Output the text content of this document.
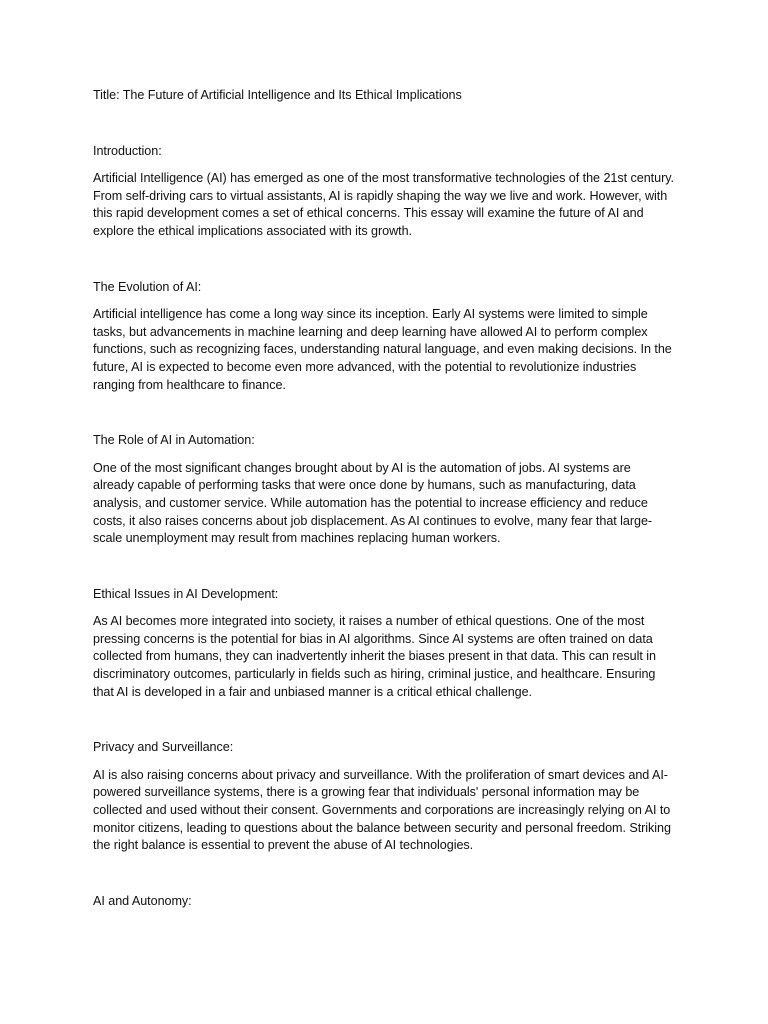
Title: The Future of Artificial Intelligence and Its Ethical Implications
Introduction:

Artificial Intelligence (AI) has emerged as one of the most transformative technologies of the 21st century. From self-driving cars to virtual assistants, AI is rapidly shaping the way we live and work. However, with this rapid development comes a set of ethical concerns. This essay will examine the future of AI and explore the ethical implications associated with its growth.

The Evolution of AI:

Artificial intelligence has come a long way since its inception. Early AI systems were limited to simple tasks, but advancements in machine learning and deep learning have allowed AI to perform complex functions, such as recognizing faces, understanding natural language, and even making decisions. In the future, AI is expected to become even more advanced, with the potential to revolutionize industries ranging from healthcare to finance.

The Role of AI in Automation:

One of the most significant changes brought about by AI is the automation of jobs. AI systems are already capable of performing tasks that were once done by humans, such as manufacturing, data analysis, and customer service. While automation has the potential to increase efficiency and reduce costs, it also raises concerns about job displacement. As AI continues to evolve, many fear that large-scale unemployment may result from machines replacing human workers.

Ethical Issues in AI Development:

As AI becomes more integrated into society, it raises a number of ethical questions. One of the most pressing concerns is the potential for bias in AI algorithms. Since AI systems are often trained on data collected from humans, they can inadvertently inherit the biases present in that data. This can result in discriminatory outcomes, particularly in fields such as hiring, criminal justice, and healthcare. Ensuring that AI is developed in a fair and unbiased manner is a critical ethical challenge.

Privacy and Surveillance:

AI is also raising concerns about privacy and surveillance. With the proliferation of smart devices and AI-powered surveillance systems, there is a growing fear that individuals' personal information may be collected and used without their consent. Governments and corporations are increasingly relying on AI to monitor citizens, leading to questions about the balance between security and personal freedom. Striking the right balance is essential to prevent the abuse of AI technologies.

AI and Autonomy:
